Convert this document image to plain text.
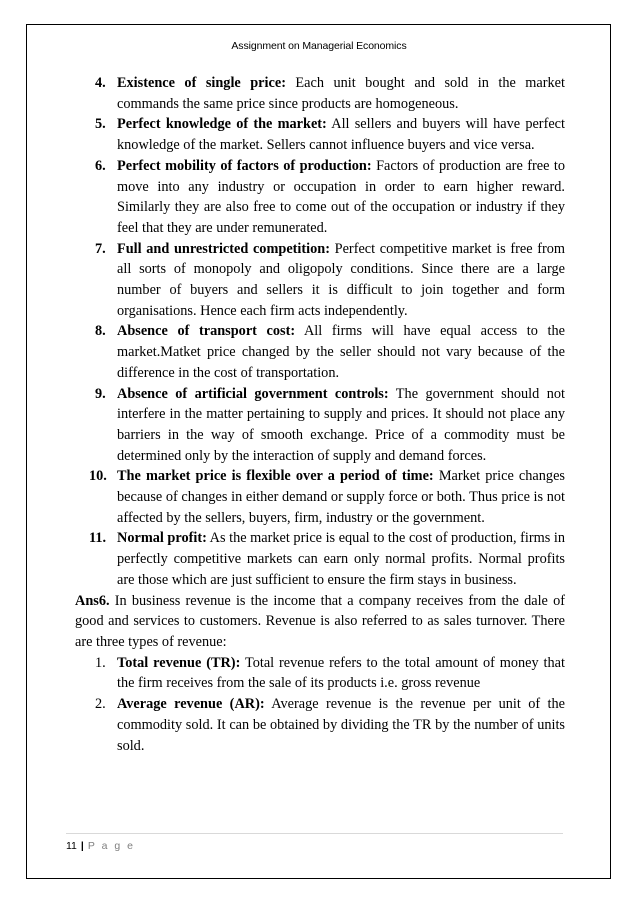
Assignment on Managerial Economics
4. Existence of single price: Each unit bought and sold in the market commands the same price since products are homogeneous.
5. Perfect knowledge of the market: All sellers and buyers will have perfect knowledge of the market. Sellers cannot influence buyers and vice versa.
6. Perfect mobility of factors of production: Factors of production are free to move into any industry or occupation in order to earn higher reward. Similarly they are also free to come out of the occupation or industry if they feel that they are under remunerated.
7. Full and unrestricted competition: Perfect competitive market is free from all sorts of monopoly and oligopoly conditions. Since there are a large number of buyers and sellers it is difficult to join together and form organisations. Hence each firm acts independently.
8. Absence of transport cost: All firms will have equal access to the market.Matket price changed by the seller should not vary because of the difference in the cost of transportation.
9. Absence of artificial government controls: The government should not interfere in the matter pertaining to supply and prices. It should not place any barriers in the way of smooth exchange. Price of a commodity must be determined only by the interaction of supply and demand forces.
10. The market price is flexible over a period of time: Market price changes because of changes in either demand or supply force or both. Thus price is not affected by the sellers, buyers, firm, industry or the government.
11. Normal profit: As the market price is equal to the cost of production, firms in perfectly competitive markets can earn only normal profits. Normal profits are those which are just sufficient to ensure the firm stays in business.

Ans6. In business revenue is the income that a company receives from the dale of good and services to customers. Revenue is also referred to as sales turnover. There are three types of revenue:

1. Total revenue (TR): Total revenue refers to the total amount of money that the firm receives from the sale of its products i.e. gross revenue
2. Average revenue (AR): Average revenue is the revenue per unit of the commodity sold. It can be obtained by dividing the TR by the number of units sold.
11 | P a g e
